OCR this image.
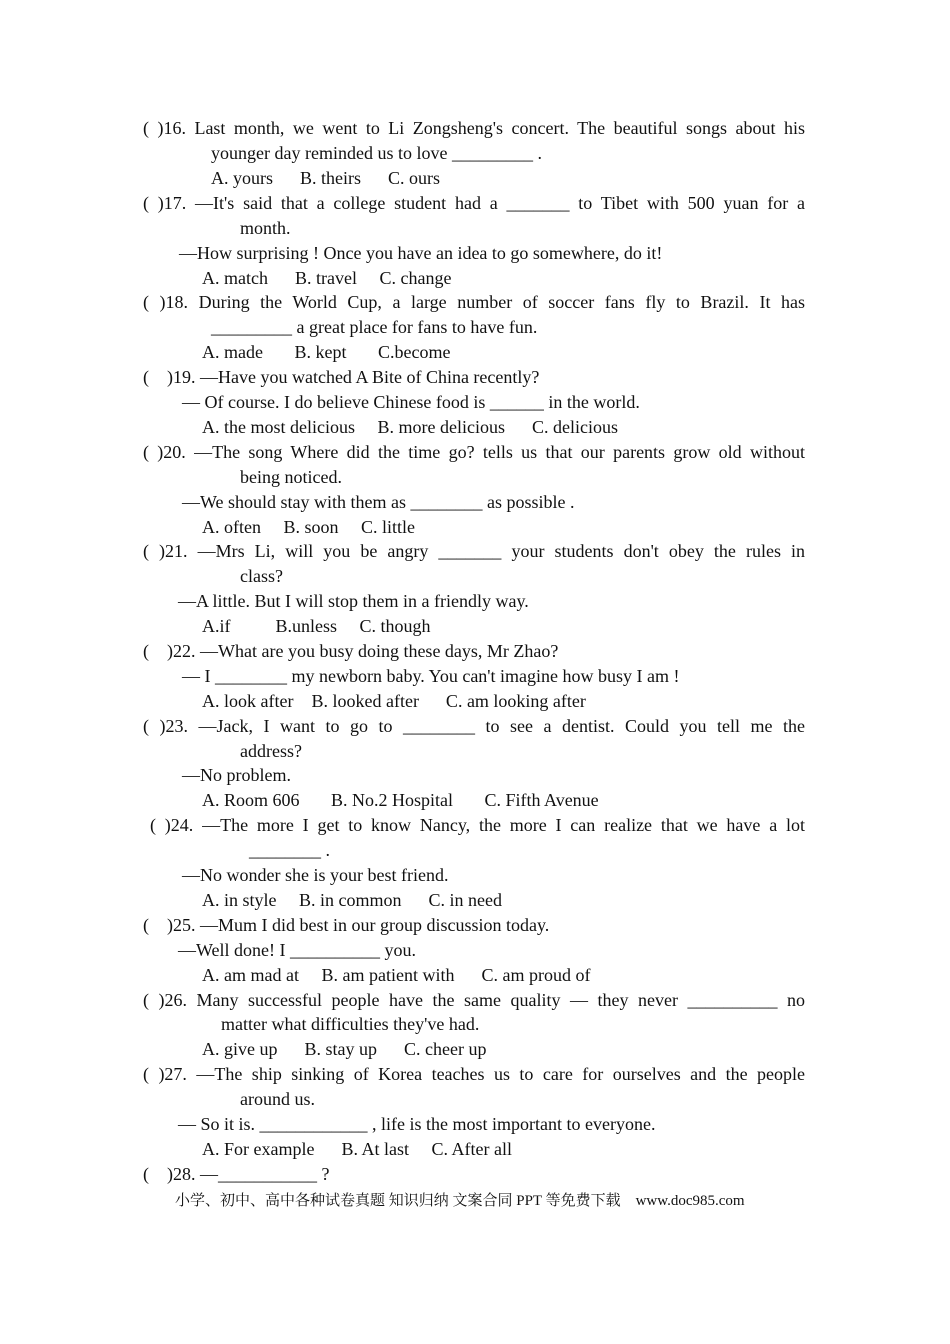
( )16. Last month, we went to Li Zongsheng's concert. The beautiful songs about his
younger day reminded us to love _________ .
A. yours      B. theirs      C. ours
( )17. —It's said that a college student had a _______ to Tibet with 500 yuan for a
month.
—How surprising ! Once you have an idea to go somewhere, do it!
A. match      B. travel     C. change
( )18. During the World Cup, a large number of soccer fans fly to Brazil. It has
_________ a great place for fans to have fun.
A. made       B. kept       C.become
(    )19. —Have you watched A Bite of China recently?
— Of course. I do believe Chinese food is ______ in the world.
A. the most delicious     B. more delicious      C. delicious
( )20. —The song Where did the time go? tells us that our parents grow old without
being noticed.
—We should stay with them as ________ as possible .
A. often     B. soon     C. little
( )21. —Mrs Li, will you be angry _______ your students don't obey the rules in
class?
—A little. But I will stop them in a friendly way.
A.if          B.unless     C. though
(    )22. —What are you busy doing these days, Mr Zhao?
— I ________ my newborn baby. You can't imagine how busy I am !
A. look after    B. looked after      C. am looking after
( )23. —Jack, I want to go to ________ to see a dentist. Could you tell me the
address?
—No problem.
A. Room 606       B. No.2 Hospital       C. Fifth Avenue
( )24. —The more I get to know Nancy, the more I can realize that we have a lot
________ .
—No wonder she is your best friend.
A. in style     B. in common      C. in need
(    )25. —Mum I did best in our group discussion today.
—Well done! I __________ you.
A. am mad at     B. am patient with      C. am proud of
( )26. Many successful people have the same quality — they never __________ no
matter what difficulties they've had.
A. give up      B. stay up      C. cheer up
( )27. —The ship sinking of Korea teaches us to care for ourselves and the people
around us.
— So it is. ____________ , life is the most important to everyone.
A. For example      B. At last     C. After all
(    )28. —___________ ?
小学、初中、高中各种试卷真题 知识归纳 文案合同 PPT 等免费下载    www.doc985.com
